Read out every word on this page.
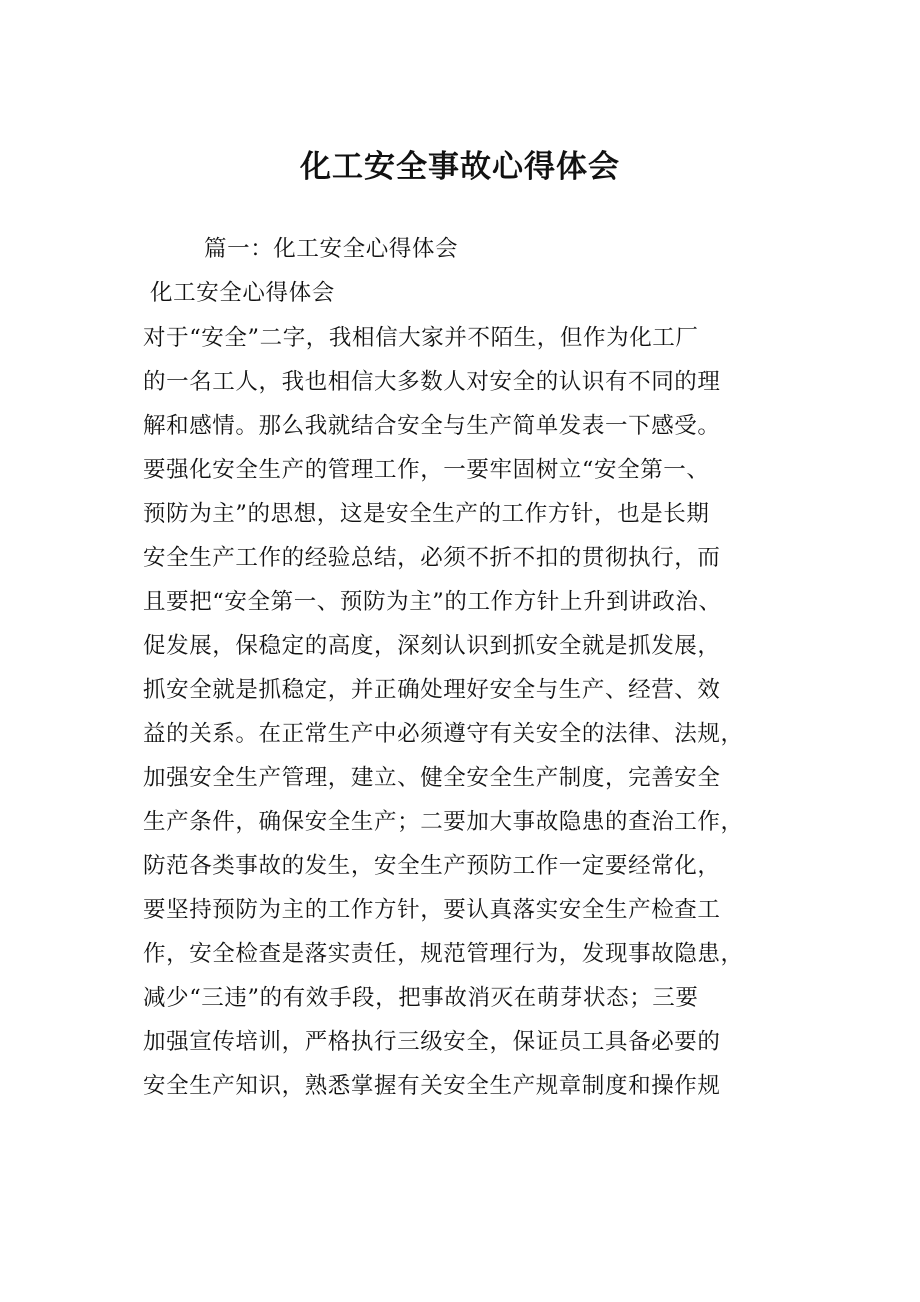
化工安全事故心得体会
篇一：化工安全心得体会
化工安全心得体会
对于“安全”二字，我相信大家并不陌生，但作为化工厂
的一名工人，我也相信大多数人对安全的认识有不同的理
解和感情。那么我就结合安全与生产简单发表一下感受。
要强化安全生产的管理工作，一要牢固树立“安全第一、
预防为主”的思想，这是安全生产的工作方针，也是长期
安全生产工作的经验总结，必须不折不扣的贯彻执行，而
且要把“安全第一、预防为主”的工作方针上升到讲政治、
促发展，保稳定的高度，深刻认识到抓安全就是抓发展，
抓安全就是抓稳定，并正确处理好安全与生产、经营、效
益的关系。在正常生产中必须遵守有关安全的法律、法规，
加强安全生产管理，建立、健全安全生产制度，完善安全
生产条件，确保安全生产；二要加大事故隐患的查治工作，
防范各类事故的发生，安全生产预防工作一定要经常化，
要坚持预防为主的工作方针，要认真落实安全生产检查工
作，安全检查是落实责任，规范管理行为，发现事故隐患，
减少“三违”的有效手段，把事故消灭在萌芽状态；三要
加强宣传培训，严格执行三级安全，保证员工具备必要的
安全生产知识，熟悉掌握有关安全生产规章制度和操作规
